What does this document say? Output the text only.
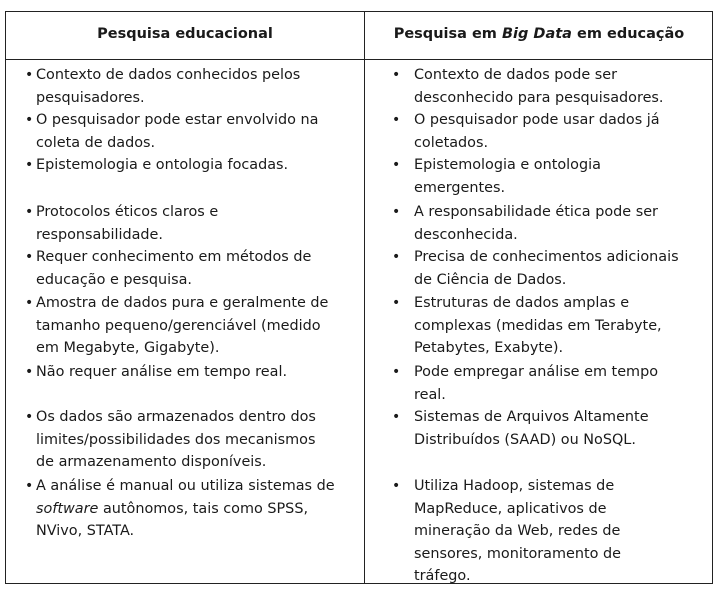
Pesquisa educacional	Pesquisa em Big Data em educação
• Contexto de dados conhecidos pelos
pesquisadores.
• O pesquisador pode estar envolvido na
coleta de dados.
• Epistemologia e ontologia focadas.
• Protocolos éticos claros e
responsabilidade.
• Requer conhecimento em métodos de
educação e pesquisa.
• Amostra de dados pura e geralmente de
tamanho pequeno/gerenciável (medido
em Megabyte, Gigabyte).
• Não requer análise em tempo real.
• Os dados são armazenados dentro dos
limites/possibilidades dos mecanismos
de armazenamento disponíveis.
• A análise é manual ou utiliza sistemas de
software autônomos, tais como SPSS,
NVivo, STATA.
• Contexto de dados pode ser
desconhecido para pesquisadores.
• O pesquisador pode usar dados já
coletados.
• Epistemologia e ontologia
emergentes.
• A responsabilidade ética pode ser
desconhecida.
• Precisa de conhecimentos adicionais
de Ciência de Dados.
• Estruturas de dados amplas e
complexas (medidas em Terabyte,
Petabytes, Exabyte).
• Pode empregar análise em tempo
real.
• Sistemas de Arquivos Altamente
Distribuídos (SAAD) ou NoSQL.
• Utiliza Hadoop, sistemas de
MapReduce, aplicativos de
mineração da Web, redes de
sensores, monitoramento de
tráfego.
